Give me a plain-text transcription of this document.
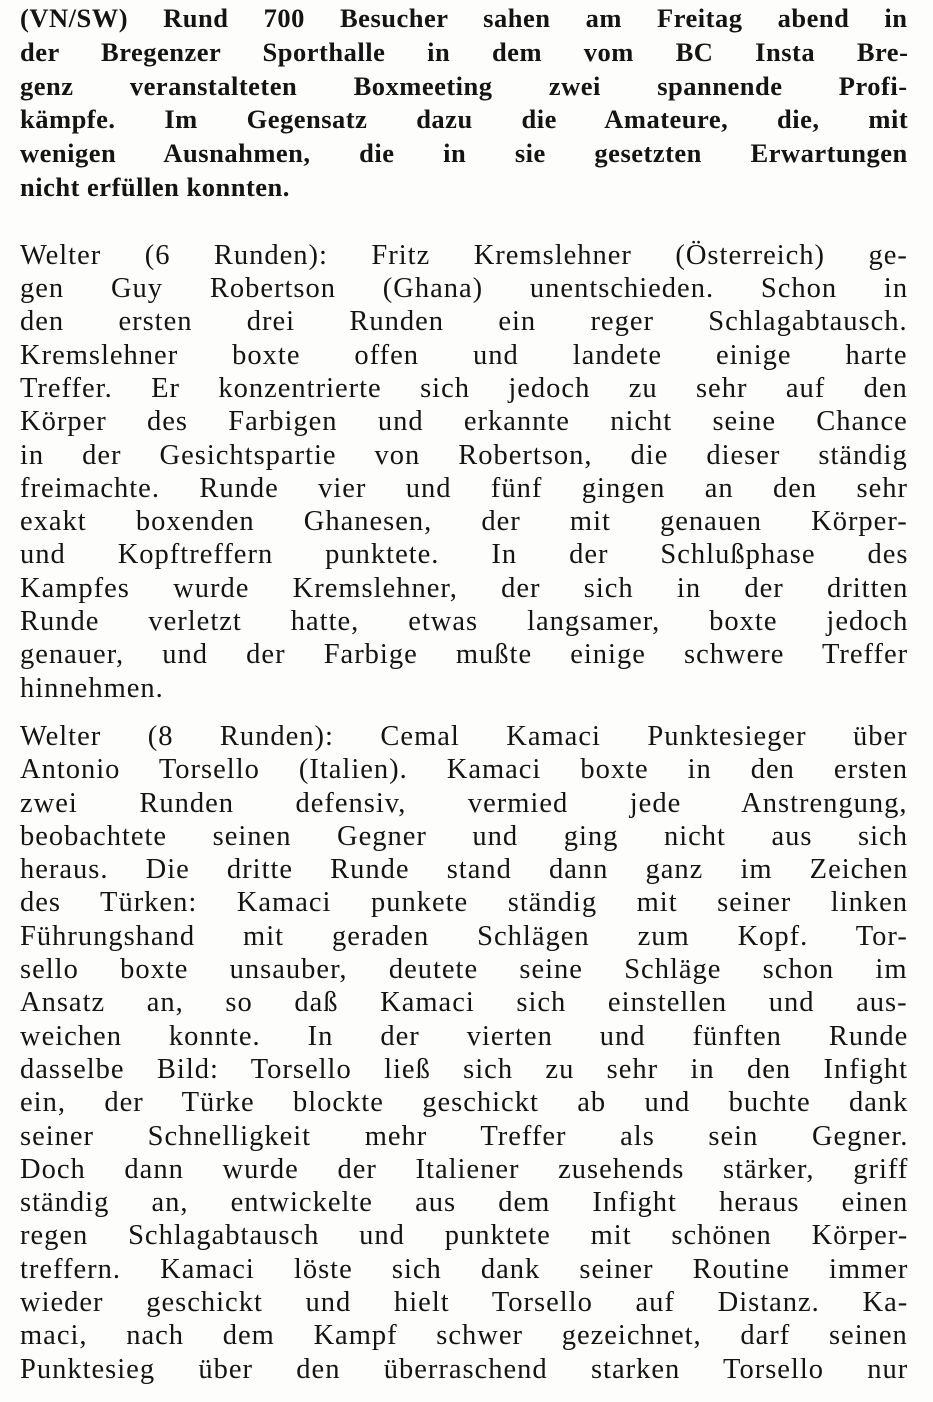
(VN/SW) Rund 700 Besucher sahen am Freitag abend in
der Bregenzer Sporthalle in dem vom BC Insta Bre-
genz veranstalteten Boxmeeting zwei spannende Profi-
kämpfe. Im Gegensatz dazu die Amateure, die, mit
wenigen Ausnahmen, die in sie gesetzten Erwartungen
nicht erfüllen konnten.
Welter (6 Runden): Fritz Kremslehner (Österreich) ge-
gen Guy Robertson (Ghana) unentschieden. Schon in
den ersten drei Runden ein reger Schlagabtausch.
Kremslehner boxte offen und landete einige harte
Treffer. Er konzentrierte sich jedoch zu sehr auf den
Körper des Farbigen und erkannte nicht seine Chance
in der Gesichtspartie von Robertson, die dieser ständig
freimachte. Runde vier und fünf gingen an den sehr
exakt boxenden Ghanesen, der mit genauen Körper-
und Kopftreffern punktete. In der Schlußphase des
Kampfes wurde Kremslehner, der sich in der dritten
Runde verletzt hatte, etwas langsamer, boxte jedoch
genauer, und der Farbige mußte einige schwere Treffer
hinnehmen.
Welter (8 Runden): Cemal Kamaci Punktesieger über
Antonio Torsello (Italien). Kamaci boxte in den ersten
zwei Runden defensiv, vermied jede Anstrengung,
beobachtete seinen Gegner und ging nicht aus sich
heraus. Die dritte Runde stand dann ganz im Zeichen
des Türken: Kamaci punkete ständig mit seiner linken
Führungshand mit geraden Schlägen zum Kopf. Tor-
sello boxte unsauber, deutete seine Schläge schon im
Ansatz an, so daß Kamaci sich einstellen und aus-
weichen konnte. In der vierten und fünften Runde
dasselbe Bild: Torsello ließ sich zu sehr in den Infight
ein, der Türke blockte geschickt ab und buchte dank
seiner Schnelligkeit mehr Treffer als sein Gegner.
Doch dann wurde der Italiener zusehends stärker, griff
ständig an, entwickelte aus dem Infight heraus einen
regen Schlagabtausch und punktete mit schönen Körper-
treffern. Kamaci löste sich dank seiner Routine immer
wieder geschickt und hielt Torsello auf Distanz. Ka-
maci, nach dem Kampf schwer gezeichnet, darf seinen
Punktesieg über den überraschend starken Torsello nur
